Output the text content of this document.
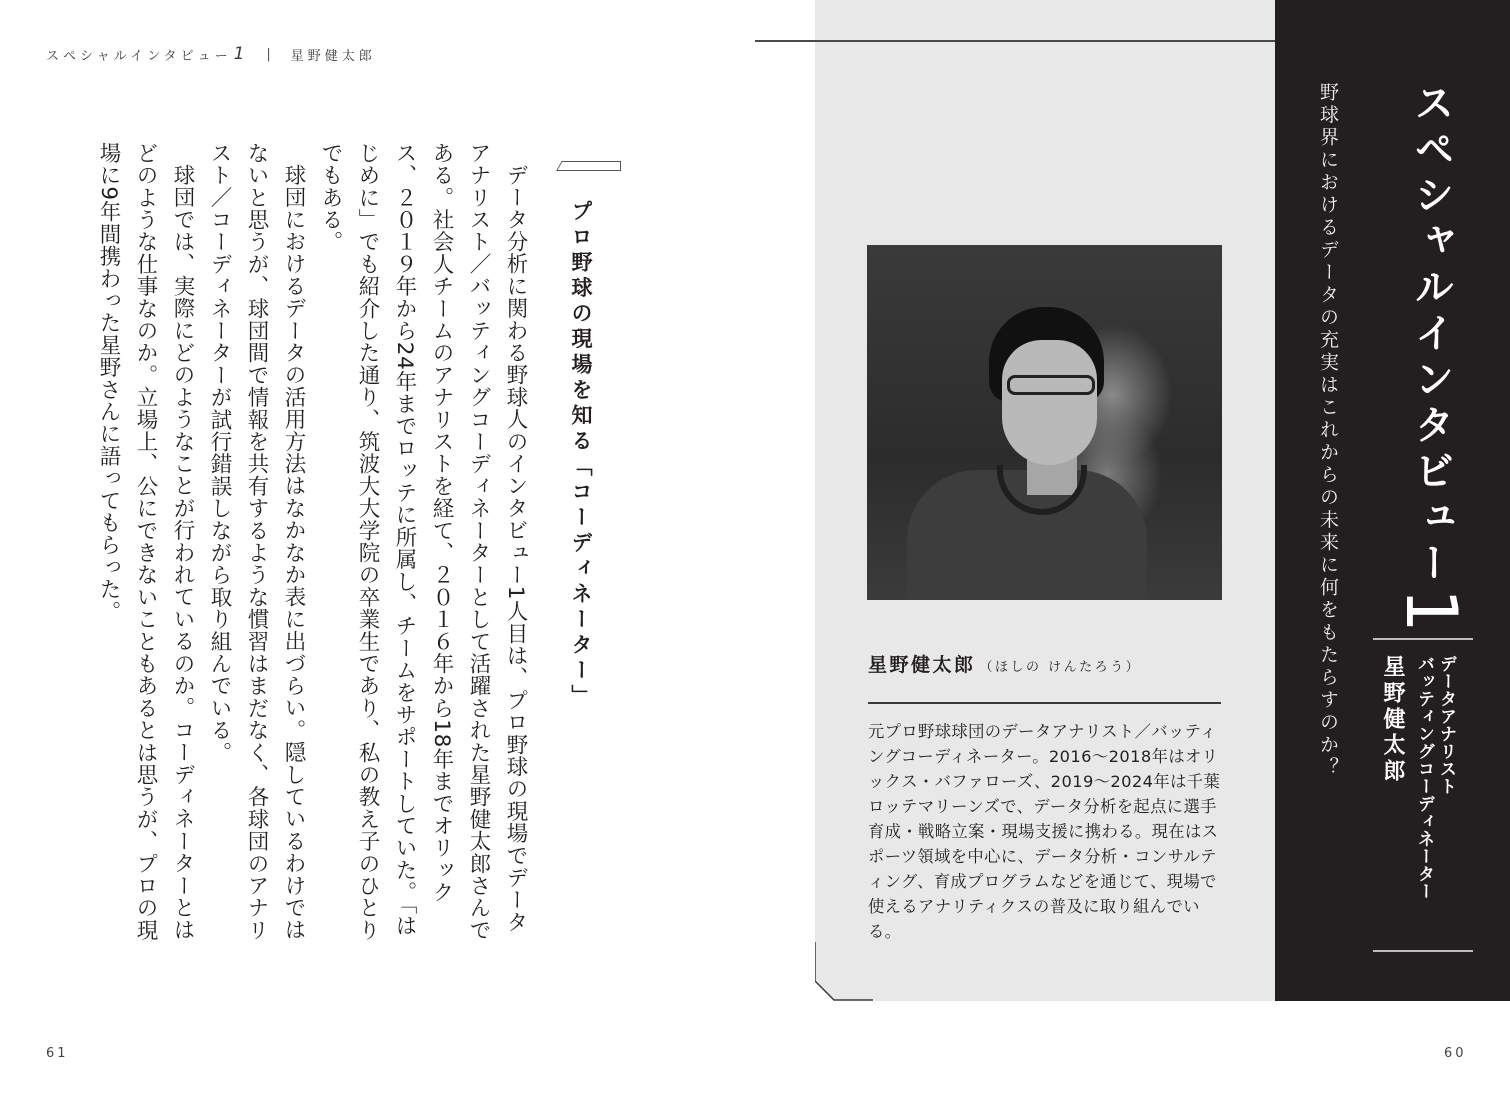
スペシャルインタビュー 1 | 星野健太郎
プロ野球の現場を知る「コーディネーター」

データ分析に関わる野球人のインタビュー1人目は、プロ野球の現場でデータアナリスト／バッティングコーディネーターとして活躍された星野健太郎さんである。社会人チームのアナリストを経て、２０１６年から18年までオリックス、２０１９年から24年までロッテに所属し、チームをサポートしていた。「はじめに」でも紹介した通り、筑波大大学院の卒業生であり、私の教え子のひとりでもある。

球団におけるデータの活用方法はなかなか表に出づらい。隠しているわけではないと思うが、球団間で情報を共有するような慣習はまだなく、各球団のアナリスト／コーディネーターが試行錯誤しながら取り組んでいる。

球団では、実際にどのようなことが行われているのか。コーディネーターとはどのような仕事なのか。立場上、公にできないこともあるとは思うが、プロの現場に9年間携わった星野さんに語ってもらった。

61
星野健太郎 （ほしの けんたろう）

元プロ野球球団のデータアナリスト／バッティングコーディネーター。2016〜2018年はオリックス・バファローズ、2019〜2024年は千葉ロッテマリーンズで、データ分析を起点に選手育成・戦略立案・現場支援に携わる。現在はスポーツ領域を中心に、データ分析・コンサルティング、育成プログラムなどを通じて、現場で使えるアナリティクスの普及に取り組んでいる。

スペシャルインタビュー1
野球界におけるデータの充実はこれからの未来に何をもたらすのか？	データアナリスト
バッティングコーディネーター
星野健太郎
60
